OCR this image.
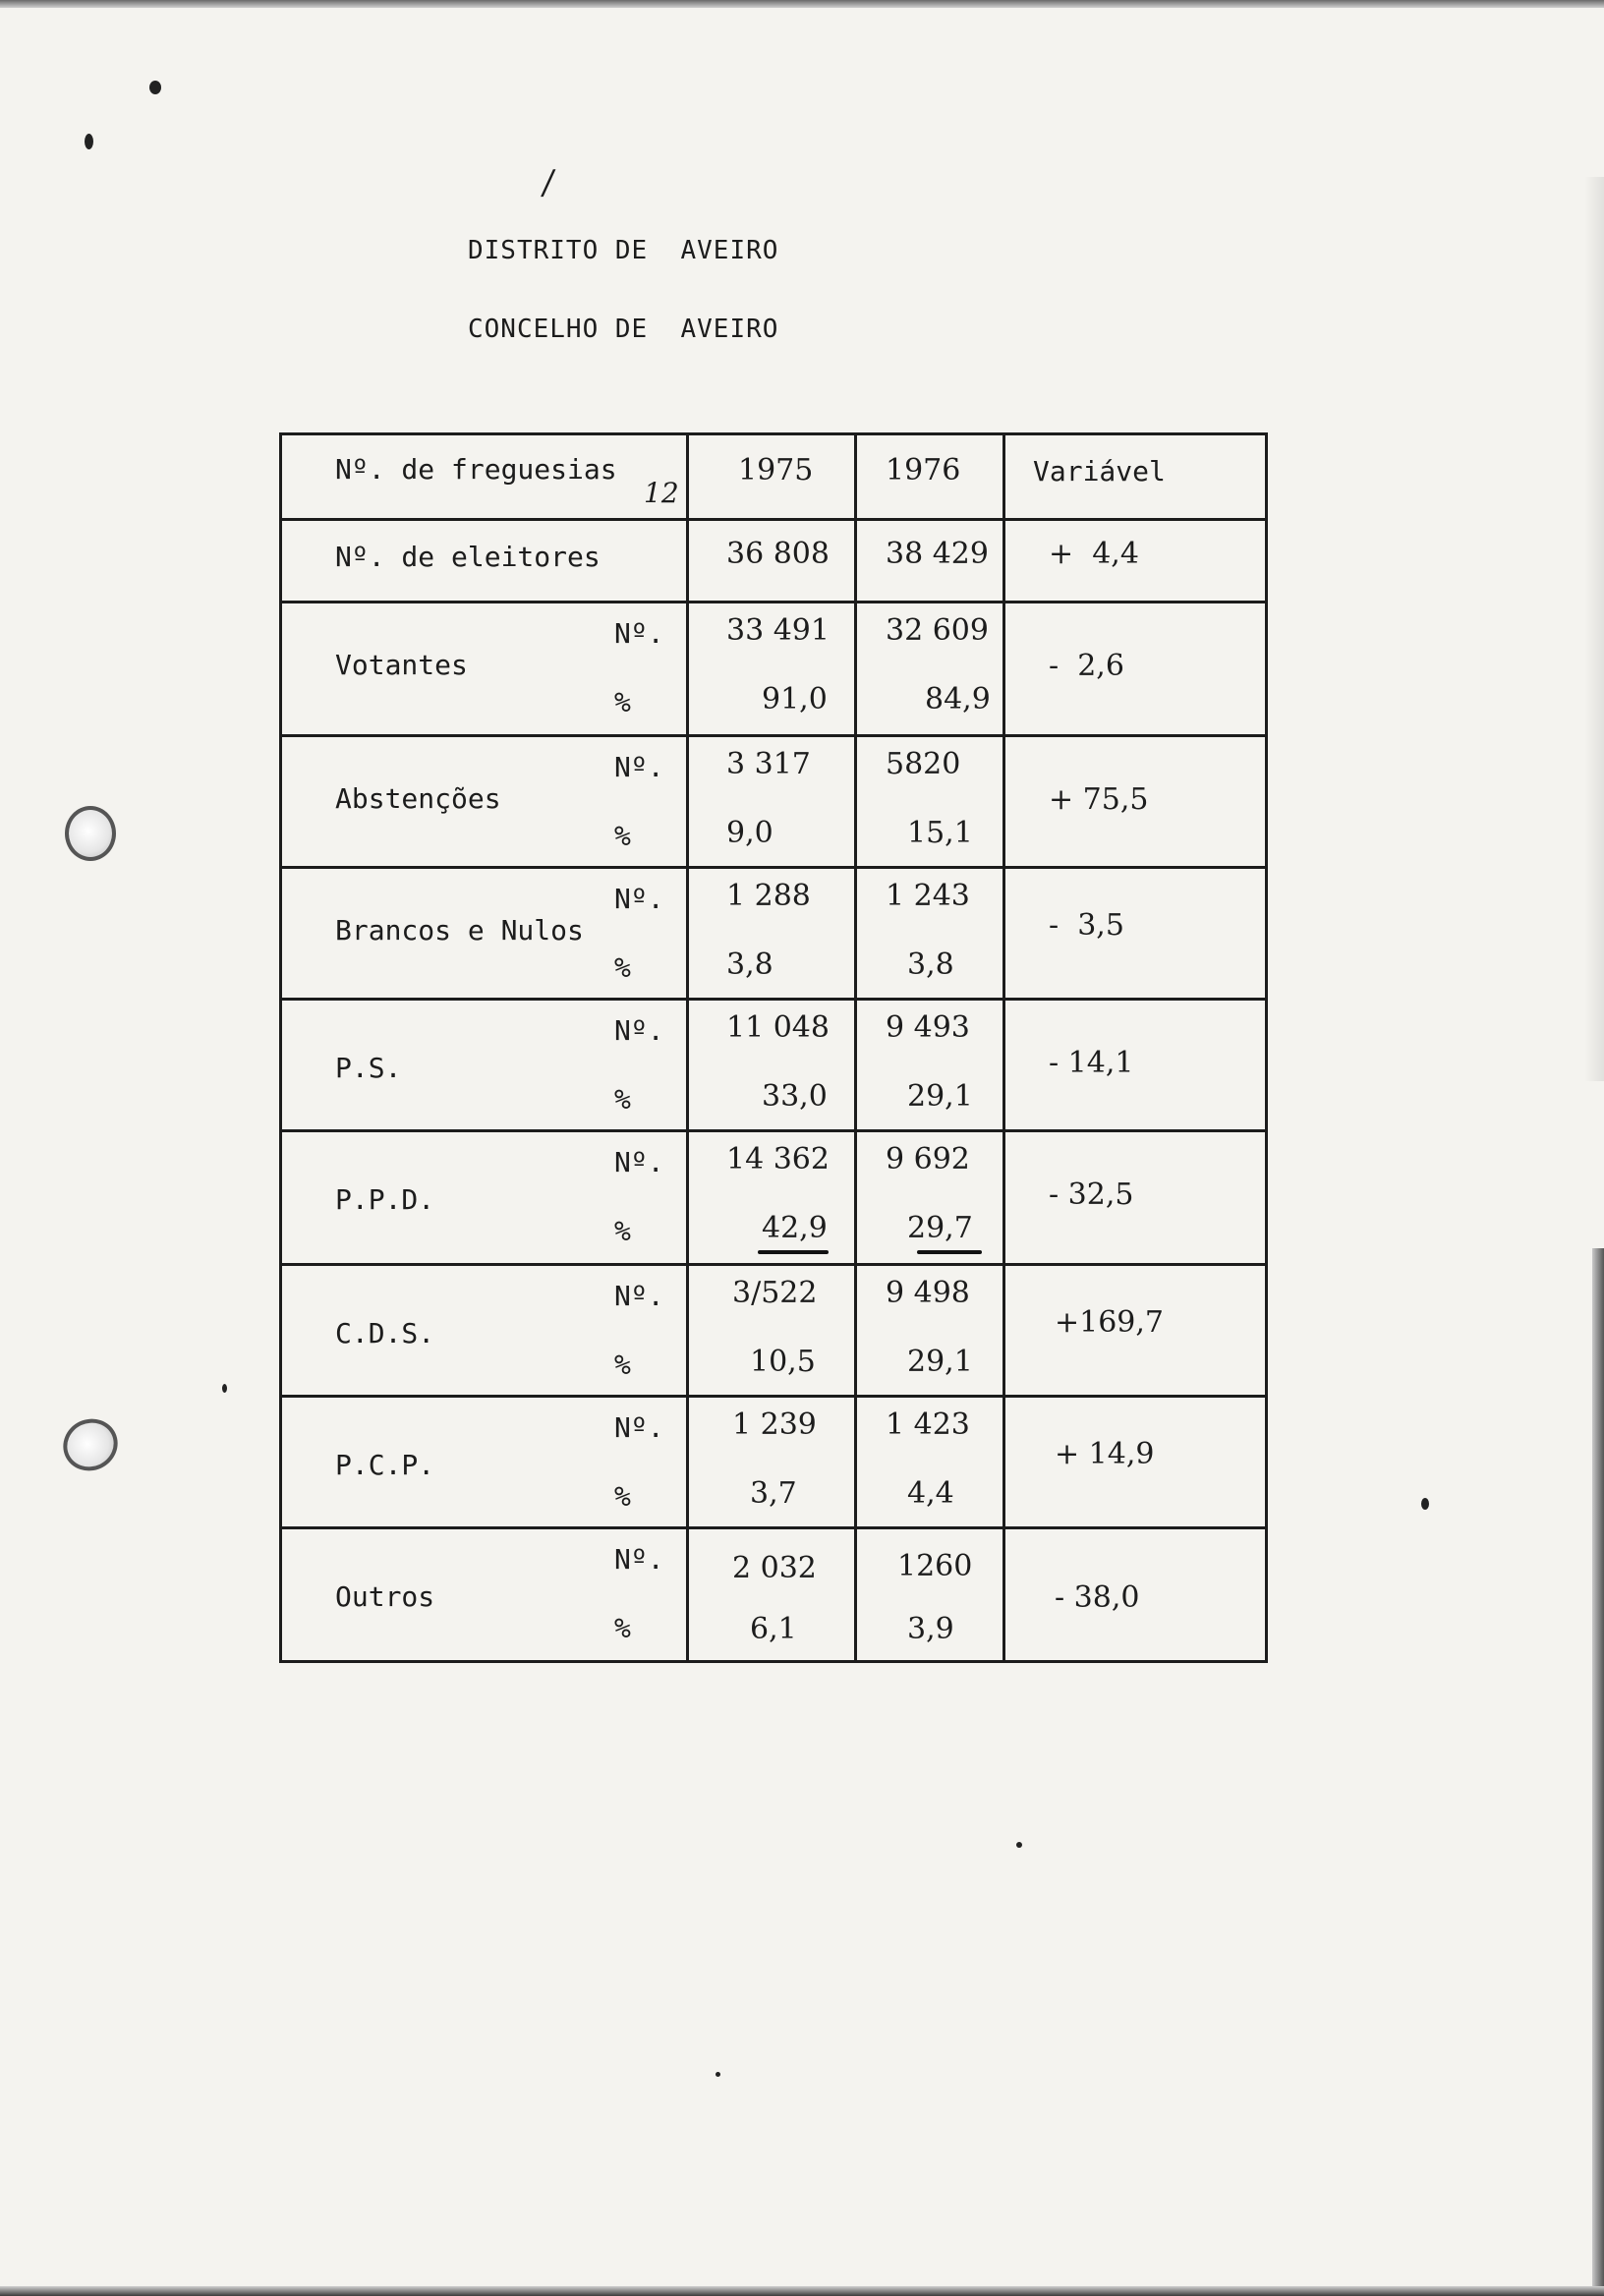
/
DISTRITO DE  AVEIRO
CONCELHO DE  AVEIRO
Nº. de freguesias
12
1975 1976	Variável
Nº. de eleitores	36 808 38 429 +  4,4
Votantes
Nº.
%
33 491
91,0
32 609
84,9
-  2,6
Abstenções
Nº.
%
3 317
9,0
5820
15,1
+ 75,5
Brancos e Nulos
Nº.
%
1 288
3,8
1 243
3,8
-  3,5
P.S.
Nº.
%
11 048
33,0
9 493
29,1
- 14,1
P.P.D.
Nº.
%
14 362
42,9
9 692
29,7
- 32,5
C.D.S.
Nº.
%
3/522
10,5
9 498
29,1
+169,7
P.C.P.
Nº.
%
1 239
3,7
1 423
4,4
+ 14,9
Outros
Nº.
%
2 032
6,1
1260
3,9
- 38,0
